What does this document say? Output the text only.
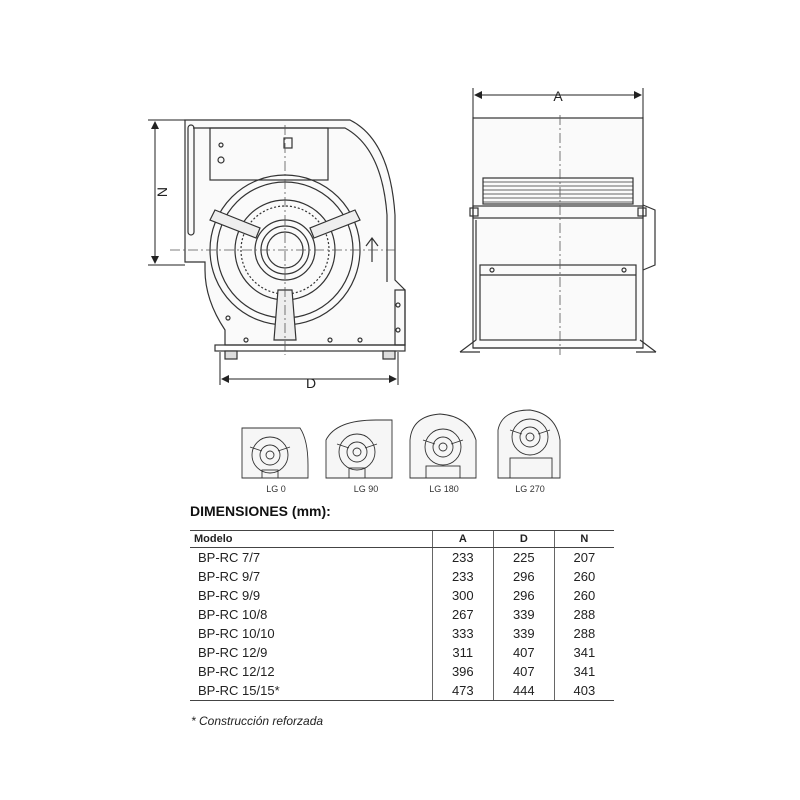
N
D
A
LG 0	LG 90	LG 180	LG 270
DIMENSIONES (mm):
Modelo	A	D	N
BP-RC 7/7	233	225	207
BP-RC 9/7	233	296	260
BP-RC 9/9	300	296	260
BP-RC 10/8	267	339	288
BP-RC 10/10	333	339	288
BP-RC 12/9	311	407	341
BP-RC 12/12	396	407	341
BP-RC 15/15*	473	444	403
* Construcción reforzada
